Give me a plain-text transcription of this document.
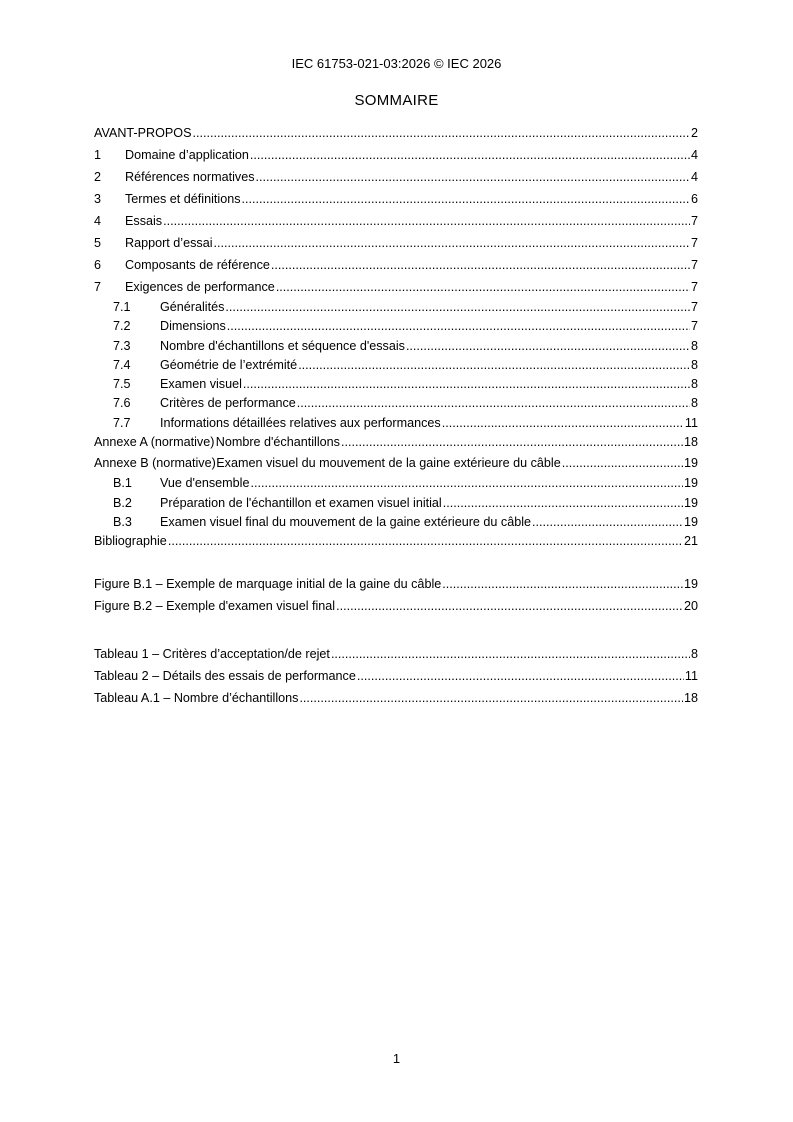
IEC 61753-021-03:2026 © IEC 2026
SOMMAIRE
AVANT-PROPOS .....	2
1	Domaine d’application .....	4
2	Références normatives .....	4
3	Termes et définitions .....	6
4	Essais .....	7
5	Rapport d’essai .....	7
6	Composants de référence .....	7
7	Exigences de performance .....	7
7.1	Généralités .....	7
7.2	Dimensions .....	7
7.3	Nombre d'échantillons et séquence d'essais .....	8
7.4	Géométrie de l’extrémité .....	8
7.5	Examen visuel .....	8
7.6	Critères de performance .....	8
7.7	Informations détaillées relatives aux performances .....	11
Annexe A (normative) Nombre d'échantillons .....	18
Annexe B (normative) Examen visuel du mouvement de la gaine extérieure du câble .....	19
B.1	Vue d'ensemble .....	19
B.2	Préparation de l'échantillon et examen visuel initial .....	19
B.3	Examen visuel final du mouvement de la gaine extérieure du câble .....	19
Bibliographie .....	21
Figure B.1 – Exemple de marquage initial de la gaine du câble .....	19
Figure B.2 – Exemple d'examen visuel final .....	20
Tableau 1 – Critères d’acceptation/de rejet .....	8
Tableau 2 – Détails des essais de performance .....	11
Tableau A.1 – Nombre d’échantillons .....	18
1
